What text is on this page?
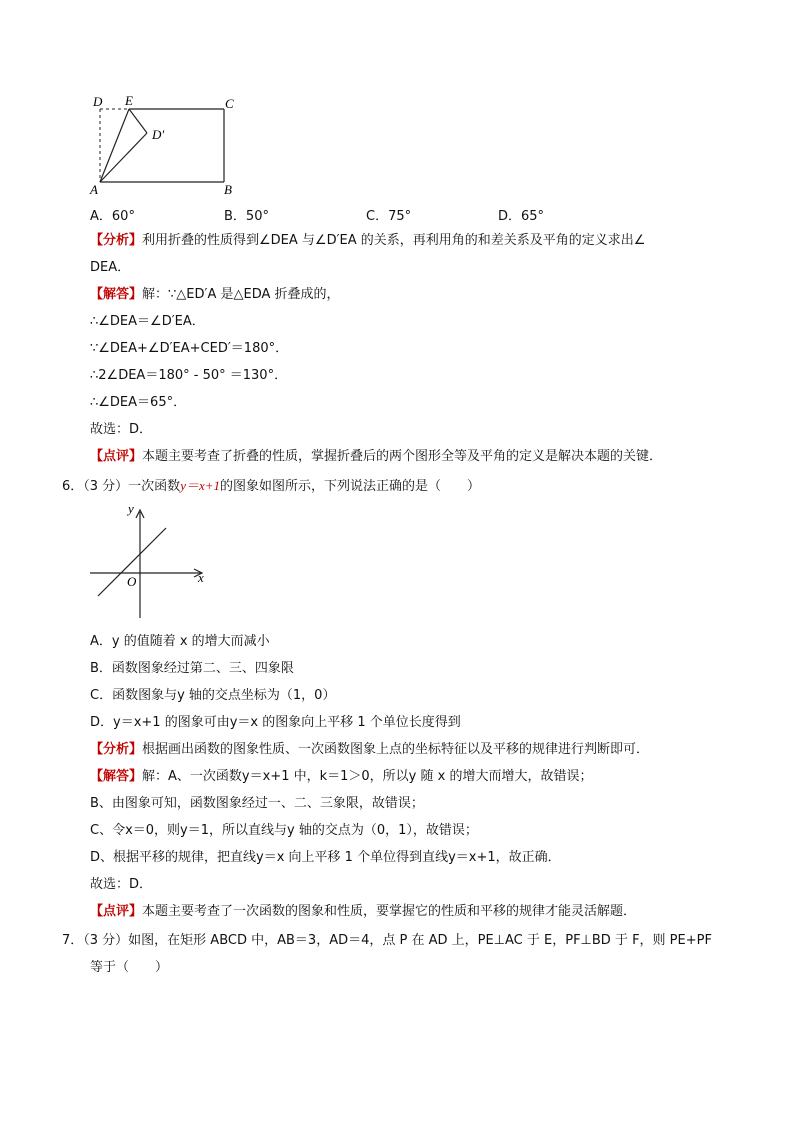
D E	C
D′
A	B
A．60°	B．50°	C．75°	D．65°
【分析】利用折叠的性质得到∠DEA 与∠D′EA 的关系，再利用角的和差关系及平角的定义求出∠
DEA．
【解答】解：∵△ED′A 是△EDA 折叠成的，
∴∠DEA＝∠D′EA．
∵∠DEA+∠D′EA+CED′＝180°．
∴2∠DEA＝180° - 50° ＝130°．
∴∠DEA＝65°．
故选：D．
【点评】本题主要考查了折叠的性质，掌握折叠后的两个图形全等及平角的定义是解决本题的关键．
6．（3 分）一次函数y＝x+1的图象如图所示，下列说法正确的是（　　）
y
x
O
A．y 的值随着 x 的增大而减小
B．函数图象经过第二、三、四象限
C．函数图象与y 轴的交点坐标为（1，0）
D．y＝x+1 的图象可由y＝x 的图象向上平移 1 个单位长度得到
【分析】根据画出函数的图象性质、一次函数图象上点的坐标特征以及平移的规律进行判断即可．
【解答】解：A、一次函数y＝x+1 中，k＝1＞0，所以y 随 x 的增大而增大，故错误；
B、由图象可知，函数图象经过一、二、三象限，故错误；
C、令x＝0，则y＝1，所以直线与y 轴的交点为（0，1），故错误；
D、根据平移的规律，把直线y＝x 向上平移 1 个单位得到直线y＝x+1，故正确．
故选：D．
【点评】本题主要考查了一次函数的图象和性质，要掌握它的性质和平移的规律才能灵活解题．
7．（3 分）如图，在矩形 ABCD 中，AB＝3，AD＝4，点 P 在 AD 上，PE⊥AC 于 E，PF⊥BD 于 F，则 PE+PF
等于（　　）
